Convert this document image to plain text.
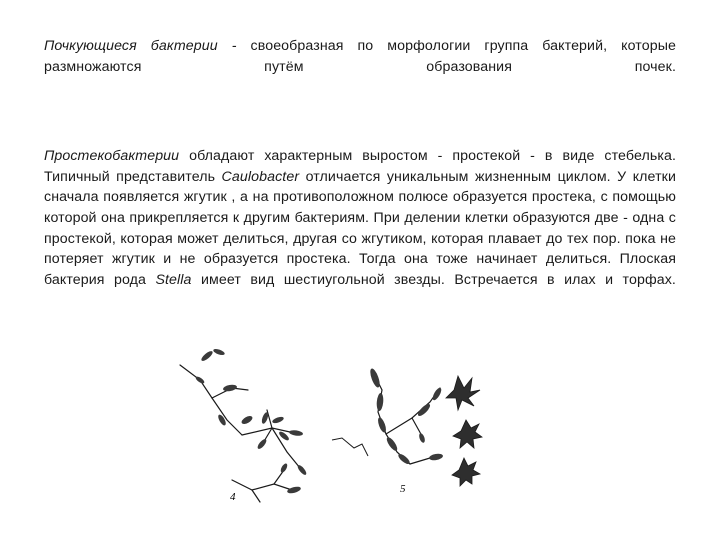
Почкующиеся бактерии - своеобразная по морфологии группа бактерий, которые размножаются путём образования почек.

Простекобактерии обладают характерным выростом - простекой - в виде стебелька. Типичный представитель Caulobacter отличается уникальным жизненным циклом. У клетки сначала появляется жгутик , а на противоположном полюсе образуется простека, с помощью которой она прикрепляется к другим бактериям. При делении клетки образуются две - одна с простекой, которая может делиться, другая со жгутиком, которая плавает до тех пор. пока не потеряет жгутик и не образуется простека. Тогда она тоже начинает делиться. Плоская бактерия рода Stella имеет вид шестиугольной звезды. Встречается в илах и торфах.

4
5
